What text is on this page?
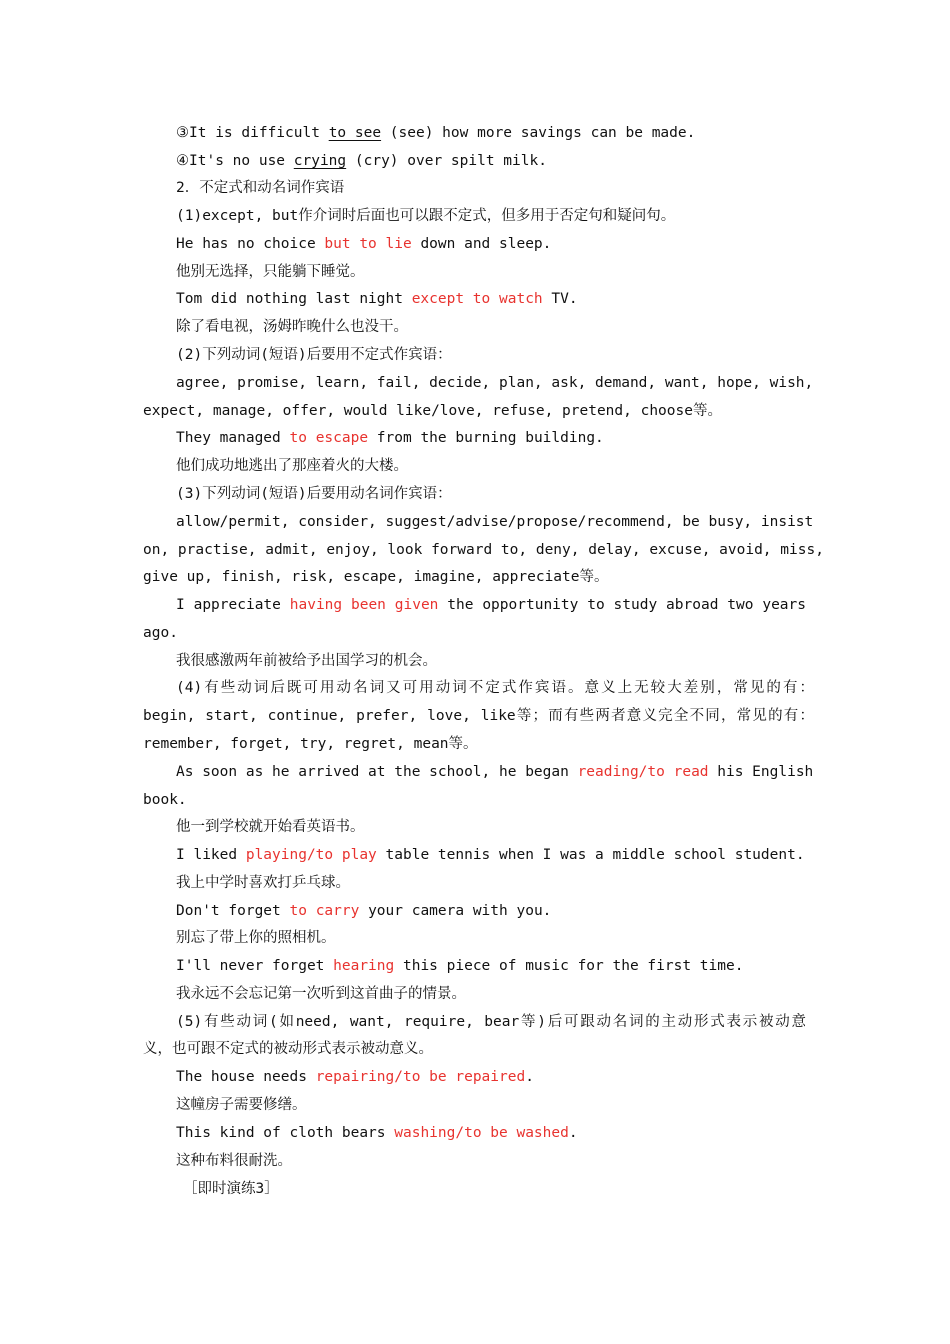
③It is difficult to see (see) how more savings can be made.
④It's no use crying (cry) over spilt milk.
2．不定式和动名词作宾语
(1)except, but作介词时后面也可以跟不定式，但多用于否定句和疑问句。
He has no choice but to lie down and sleep.
他别无选择，只能躺下睡觉。
Tom did nothing last night except to watch TV.
除了看电视，汤姆昨晚什么也没干。
(2)下列动词(短语)后要用不定式作宾语：
agree, promise, learn, fail, decide, plan, ask, demand, want, hope, wish,
expect, manage, offer, would like/love, refuse, pretend, choose等。
They managed to escape from the burning building.
他们成功地逃出了那座着火的大楼。
(3)下列动词(短语)后要用动名词作宾语：
allow/permit, consider, suggest/advise/propose/recommend, be busy, insist
on, practise, admit, enjoy, look forward to, deny, delay, excuse, avoid, miss,
give up, finish, risk, escape, imagine, appreciate等。
I appreciate having been given the opportunity to study abroad two years
ago.
我很感激两年前被给予出国学习的机会。
(4)有些动词后既可用动名词又可用动词不定式作宾语。意义上无较大差别，常见的有：
begin, start, continue, prefer, love, like等；而有些两者意义完全不同，常见的有：
remember, forget, try, regret, mean等。
As soon as he arrived at the school, he began reading/to read his English
book.
他一到学校就开始看英语书。
I liked playing/to play table tennis when I was a middle school student.
我上中学时喜欢打乒乓球。
Don't forget to carry your camera with you.
别忘了带上你的照相机。
I'll never forget hearing this piece of music for the first time.
我永远不会忘记第一次听到这首曲子的情景。
(5)有些动词(如need, want, require, bear等)后可跟动名词的主动形式表示被动意
义，也可跟不定式的被动形式表示被动意义。
The house needs repairing/to be repaired.
这幢房子需要修缮。
This kind of cloth bears washing/to be washed.
这种布料很耐洗。
［即时演练3］
